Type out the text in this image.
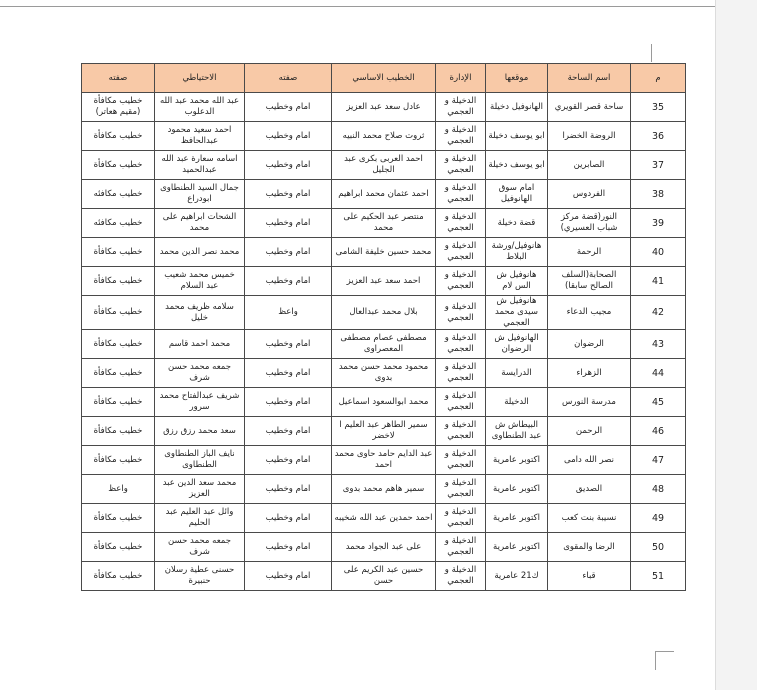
م	اسم الساحة	موقعها	الإدارة	الخطيب الاساسي	صفته	الاحتياطي	صفته
35	ساحة قصر القويري	الهانوفيل دخيلة	الدخيلة و العجمي	عادل سعد عبد العزيز	امام وخطيب	عبد الله محمد عبد الله الدعلوب	خطيب مكافأة (مقيم هعاتر)
36	الروضة الخضرا	ابو يوسف دخيلة	الدخيلة و العجمي	ثروت صلاح محمد النبيه	امام وخطيب	احمد سعيد محمود عبدالحافظ	خطيب مكافأة
37	الصابرين	ابو يوسف دخيلة	الدخيلة و العجمي	احمد العربى بكرى عبد الجليل	امام وخطيب	اسامه سعارة عبد الله عبدالحميد	خطيب مكافأة
38	الفردوس	امام سوق الهانوفيل	الدخيلة و العجمي	احمد عثمان محمد ابراهيم	امام وخطيب	جمال السيد الطنطاوى ابودراع	خطيب مكافئه
39	النور(قضة مركز شباب العسيري)	قضة دخيلة	الدخيلة و العجمي	منتصر عبد الحكيم على محمد	امام وخطيب	الشحات ابراهيم على محمد	خطيب مكافئه
40	الرحمة	هانوفيل/ورشة البلاط	الدخيلة و العجمي	محمد حسين خليفة الشامى	امام وخطيب	محمد نصر الدين محمد	خطيب مكافأة
41	الصحابة(السلف الصالح سابقا)	هانوفيل ش الس لام	الدخيلة و العجمي	احمد سعد عبد العزيز	امام وخطيب	خميس محمد شعيب عبد السلام	خطيب مكافأة
42	مجيب الدعاء	هانوفيل ش سيدى محمد العجمي	الدخيلة و العجمي	بلال محمد عبدالعال	واعظ	سلامه ظريف محمد خليل	خطيب مكافأة
43	الرضوان	الهانوفيل ش الرضوان	الدخيلة و العجمي	مصطفى عصام مصطفى المعصراوى	امام وخطيب	محمد احمد قاسم	خطيب مكافأة
44	الزهراء	الدرايسة	الدخيلة و العجمي	محمود محمد حسن محمد بدوى	امام وخطيب	جمعه محمد حسن شرف	خطيب مكافأة
45	مدرسة النورس	الدخيلة	الدخيلة و العجمي	محمد ابوالسعود اسماعيل	امام وخطيب	شريف عبدالفتاح محمد سرور	خطيب مكافأة
46	الرحمن	البيطاش ش عبد الطنطاوى	الدخيلة و العجمي	سمير الطاهر عبد العليم ا لاخضر	امام وخطيب	سعد محمد رزق رزق	خطيب مكافأة
47	نصر الله دامى	اكتوبر عامرية	الدخيلة و العجمي	عبد الدايم حامد حاوى محمد احمد	امام وخطيب	نايف الباز الطنطاوى الطنطاوى	خطيب مكافأة
48	الصديق	اكتوبر عامرية	الدخيلة و العجمي	سمير هاهم محمد بدوى	امام وخطيب	محمد سعد الدين عبد العزيز	واعظ
49	نسيبة بنت كعب	اكتوبر عامرية	الدخيلة و العجمي	احمد حمدين عبد الله شخيبه	امام وخطيب	وائل عبد العليم عبد الحليم	خطيب مكافأة
50	الرضا والمقوى	اكتوبر عامرية	الدخيلة و العجمي	على عبد الجواد محمد	امام وخطيب	جمعه محمد حسن شرف	خطيب مكافأة
51	قباء	ك21 عامرية	الدخيلة و العجمي	حسين عبد الكريم على حسن	امام وخطيب	حسنى عطية رسلان حنبيرة	خطيب مكافأة
